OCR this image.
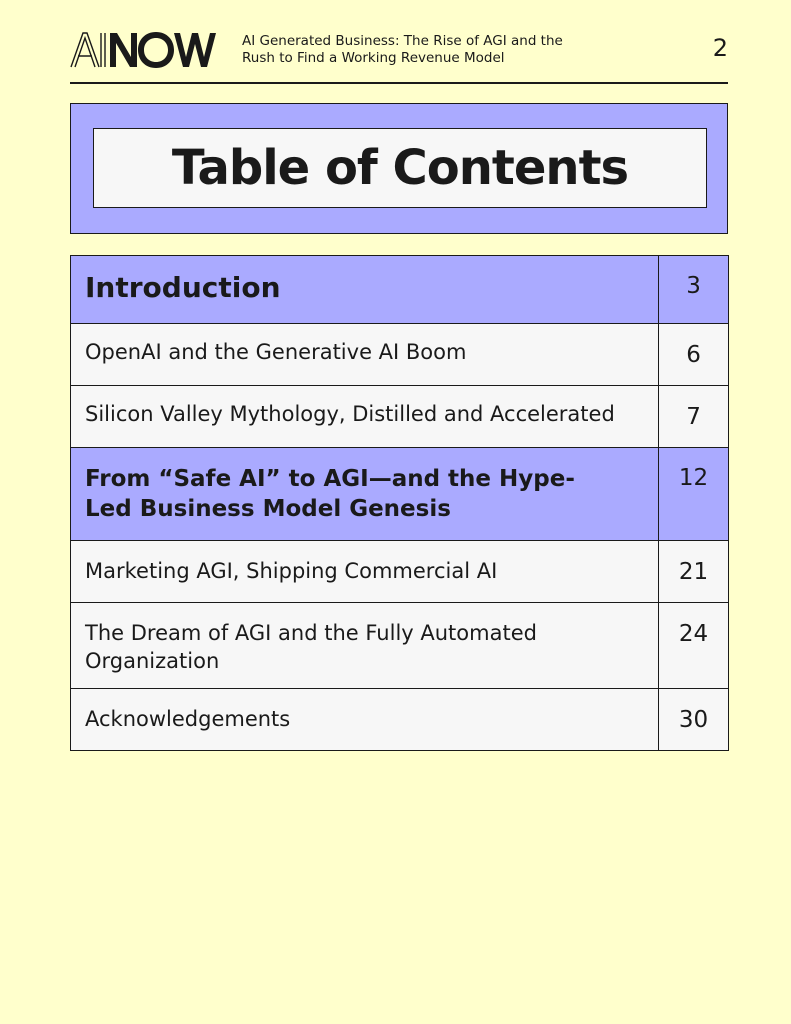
AI Generated Business: The Rise of AGI and the Rush to Find a Working Revenue Model	2
Table of Contents
Introduction	3
OpenAI and the Generative AI Boom	6
Silicon Valley Mythology, Distilled and Accelerated	7
From “Safe AI” to AGI—and the Hype-Led Business Model Genesis	12
Marketing AGI, Shipping Commercial AI	21
The Dream of AGI and the Fully Automated Organization	24
Acknowledgements	30
